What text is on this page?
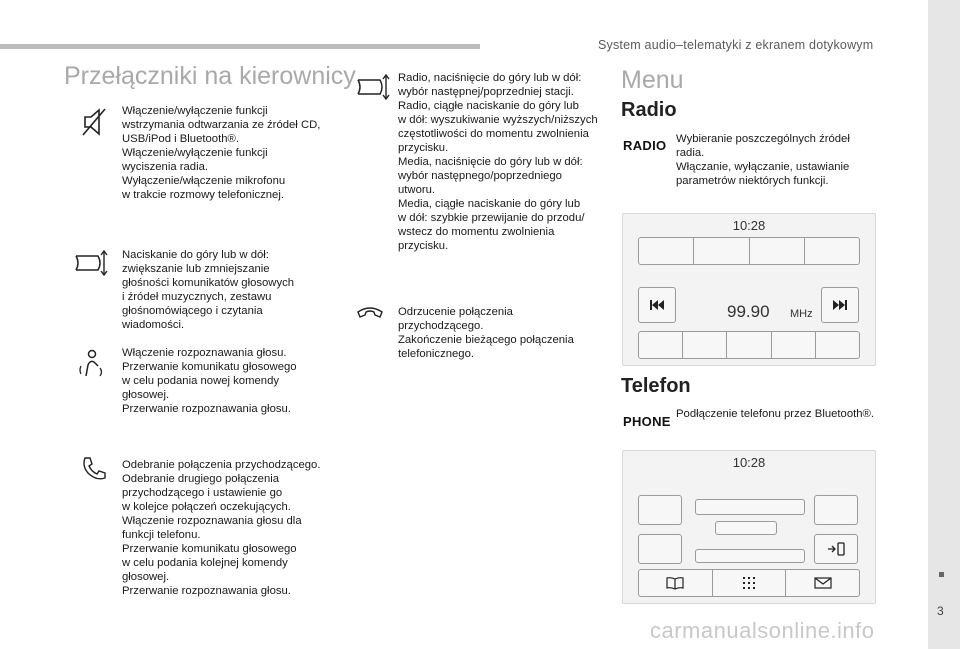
System audio–telematyki z ekranem dotykowym
3
carmanualsonline.info
Przełączniki na kierownicy
Włączenie/wyłączenie funkcji
wstrzymania odtwarzania ze źródeł CD,
USB/iPod i Bluetooth®.
Włączenie/wyłączenie funkcji
wyciszenia radia.
Wyłączenie/włączenie mikrofonu
w trakcie rozmowy telefonicznej.
Naciskanie do góry lub w dół:
zwiększanie lub zmniejszanie
głośności komunikatów głosowych
i źródeł muzycznych, zestawu
głośnomówiącego i czytania
wiadomości.
Włączenie rozpoznawania głosu.
Przerwanie komunikatu głosowego
w celu podania nowej komendy
głosowej.
Przerwanie rozpoznawania głosu.
Odebranie połączenia przychodzącego.
Odebranie drugiego połączenia
przychodzącego i ustawienie go
w kolejce połączeń oczekujących.
Włączenie rozpoznawania głosu dla
funkcji telefonu.
Przerwanie komunikatu głosowego
w celu podania kolejnej komendy
głosowej.
Przerwanie rozpoznawania głosu.
Radio, naciśnięcie do góry lub w dół:
wybór następnej/poprzedniej stacji.
Radio, ciągłe naciskanie do góry lub
w dół: wyszukiwanie wyższych/niższych
częstotliwości do momentu zwolnienia
przycisku.
Media, naciśnięcie do góry lub w dół:
wybór następnego/poprzedniego
utworu.
Media, ciągłe naciskanie do góry lub
w dół: szybkie przewijanie do przodu/
wstecz do momentu zwolnienia
przycisku.
Odrzucenie połączenia
przychodzącego.
Zakończenie bieżącego połączenia
telefonicznego.
Menu
Radio
RADIO Wybieranie poszczególnych źródeł
radia.
Włączanie, wyłączanie, ustawianie
parametrów niektórych funkcji.
10:28
99.90 MHz
Telefon
PHONE Podłączenie telefonu przez Bluetooth®.
10:28
